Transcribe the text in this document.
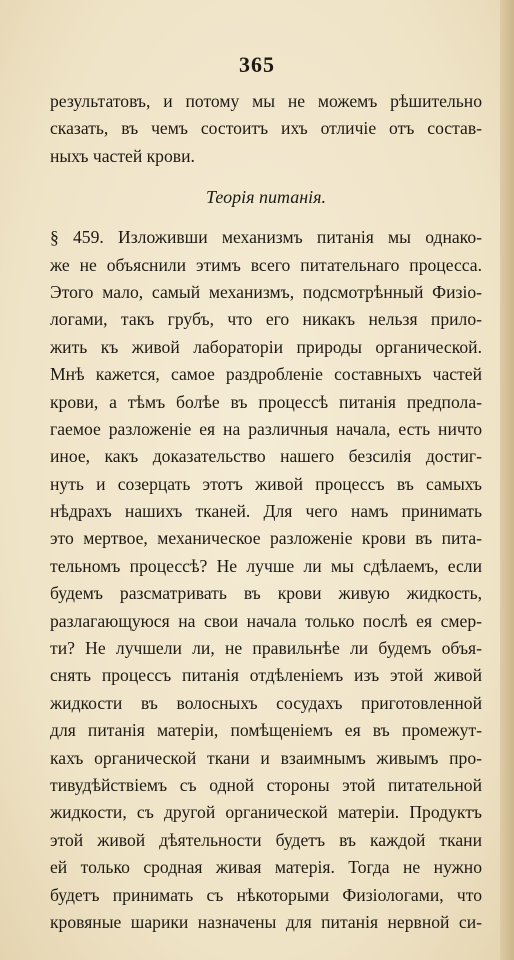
365
результатовъ, и потому мы не можемъ рѣшительно
сказать, въ чемъ состоитъ ихъ отличіе отъ состав-
ныхъ частей крови.
Теорія питанія.
§ 459. Изложивши механизмъ питанія мы однако-
же не объяснили этимъ всего питательнаго процесса.
Этого мало, самый механизмъ, подсмотрѣнный Физіо-
логами, такъ грубъ, что его никакъ нельзя прило-
жить къ живой лабораторіи природы органической.
Мнѣ кажется, самое раздробленіе составныхъ частей
крови, а тѣмъ болѣе въ процессѣ питанія предпола-
гаемое разложеніе ея на различныя начала, есть ничто
иное, какъ доказательство нашего безсилія достиг-
нуть и созерцать этотъ живой процессъ въ самыхъ
нѣдрахъ нашихъ тканей. Для чего намъ принимать
это мертвое, механическое разложеніе крови въ пита-
тельномъ процессѣ? Не лучше ли мы сдѣлаемъ, если
будемъ разсматривать въ крови живую жидкость,
разлагающуюся на свои начала только послѣ ея смер-
ти? Не лучшели ли, не правильнѣе ли будемъ объя-
снять процессъ питанія отдѣленіемъ изъ этой живой
жидкости въ волосныхъ сосудахъ приготовленной
для питанія матеріи, помѣщеніемъ ея въ промежут-
кахъ органической ткани и взаимнымъ живымъ про-
тивудѣйствіемъ съ одной стороны этой питательной
жидкости, съ другой органической матеріи. Продуктъ
этой живой дѣятельности будетъ въ каждой ткани
ей только сродная живая матерія. Тогда не нужно
будетъ принимать съ нѣкоторыми Физіологами, что
кровяные шарики назначены для питанія нервной си-
